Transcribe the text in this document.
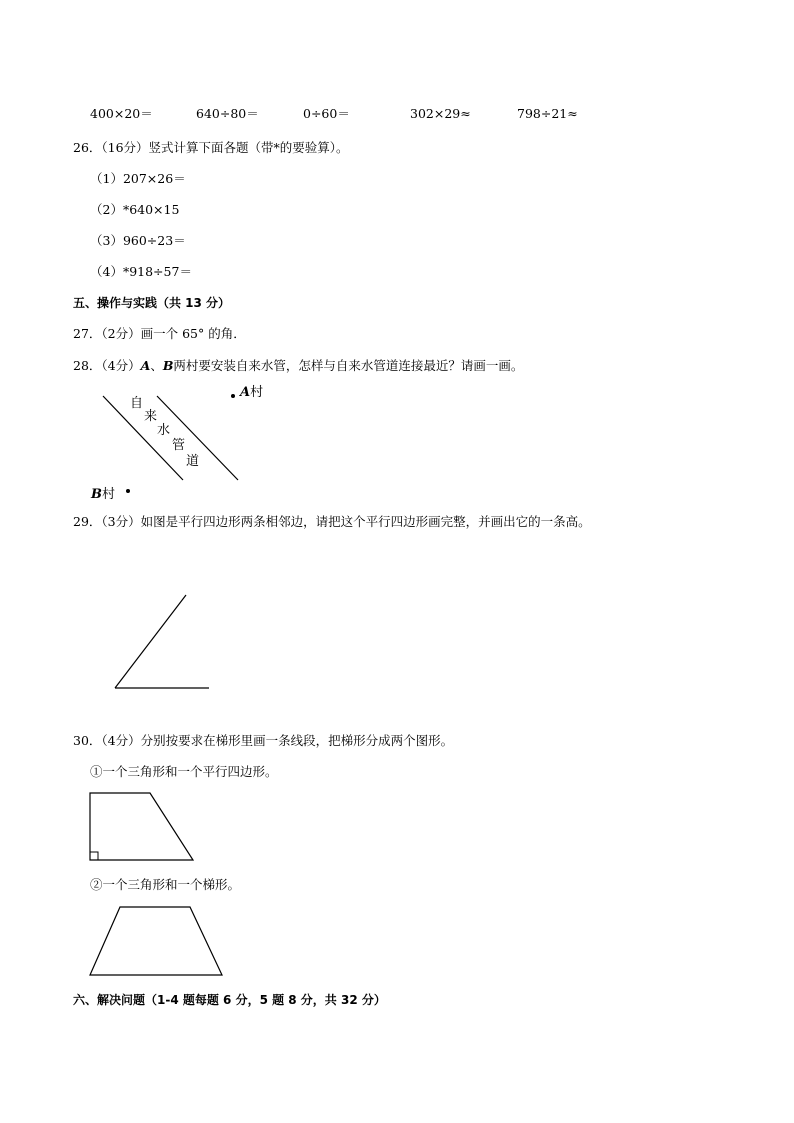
400×20＝	640÷80＝	0÷60＝	302×29≈	798÷21≈
26．（16分）竖式计算下面各题（带*的要验算）。
（1）207×26＝
（2）*640×15
（3）960÷23＝
（4）*918÷57＝
五、操作与实践（共 13 分）
27．（2分）画一个 65° 的角．
28．（4分）A、B两村要安装自来水管，怎样与自来水管道连接最近？请画一画。
自
来
水
管
道
A村
B村
29．（3分）如图是平行四边形两条相邻边，请把这个平行四边形画完整，并画出它的一条高。
30．（4分）分别按要求在梯形里画一条线段，把梯形分成两个图形。
①一个三角形和一个平行四边形。
②一个三角形和一个梯形。
六、解决问题（1-4 题每题 6 分，5 题 8 分，共 32 分）
